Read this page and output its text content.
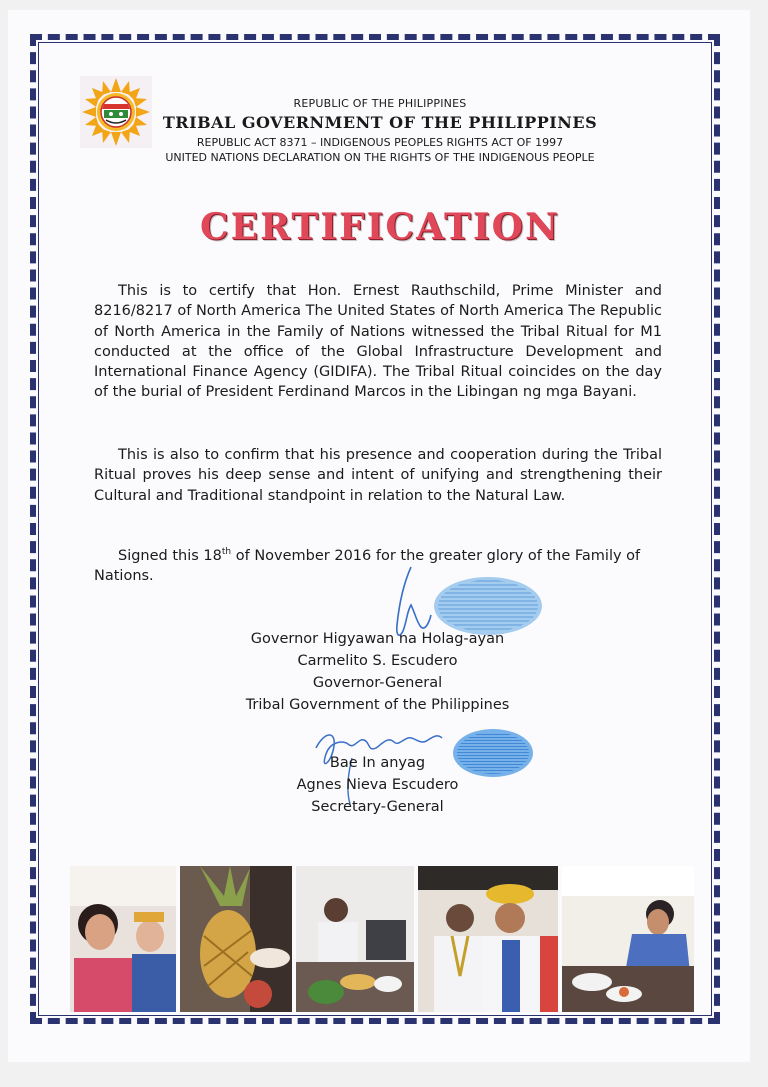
REPUBLIC OF THE PHILIPPINES
TRIBAL GOVERNMENT OF THE PHILIPPINES
REPUBLIC ACT 8371 – INDIGENOUS PEOPLES RIGHTS ACT OF 1997
UNITED NATIONS DECLARATION ON THE RIGHTS OF THE INDIGENOUS PEOPLE
CERTIFICATION
This is to certify that Hon. Ernest Rauthschild, Prime Minister and 8216/8217 of North America The United States of North America The Republic of North America in the Family of Nations witnessed the Tribal Ritual for M1 conducted at the office of the Global Infrastructure Development and International Finance Agency (GIDIFA). The Tribal Ritual coincides on the day of the burial of President Ferdinand Marcos in the Libingan ng mga Bayani.
This is also to confirm that his presence and cooperation during the Tribal Ritual proves his deep sense and intent of unifying and strengthening their Cultural and Traditional standpoint in relation to the Natural Law.
Signed this 18th of November 2016 for the greater glory of the Family of Nations.
Governor Higyawan na Holag-ayan
Carmelito S. Escudero
Governor-General
Tribal Government of the Philippines
Bae In anyag
Agnes Nieva Escudero
Secretary-General
